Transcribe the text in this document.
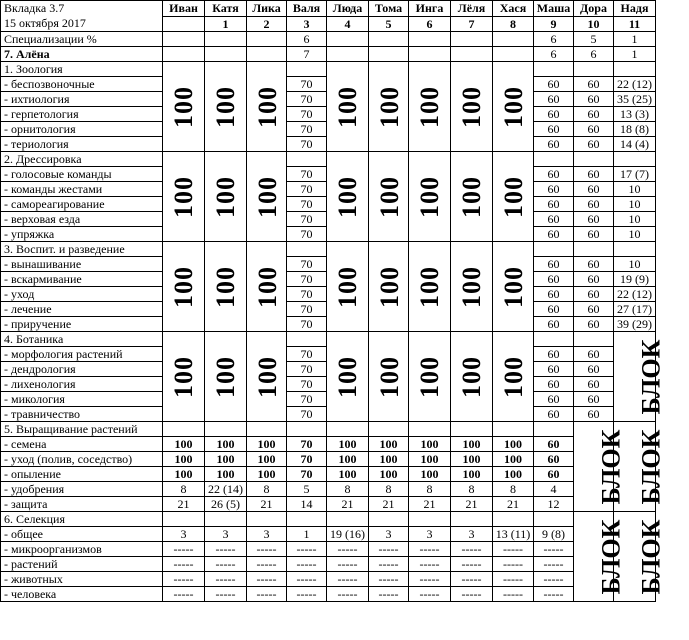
Вкладка 3.7
15 октября 2017	Иван	Катя	Лика	Валя	Люда	Тома	Инга	Лёля	Хася	Маша	Дора	Надя
		1	2	3	4	5	6	7	8	9	10	11
Специализации %				6						6	5	1
7. Алёна				7						6	6	1
1. Зоология	100	100	100		100	100	100	100	100			
- беспозвоночные				70						60	60	22 (12)
- ихтиология				70						60	60	35 (25)
- герпетология				70						60	60	13 (3)
- орнитология				70						60	60	18 (8)
- териология				70						60	60	14 (4)
2. Дрессировка	100	100	100		100	100	100	100	100			
- голосовые команды				70						60	60	17 (7)
- команды жестами				70						60	60	10
- самореагирование				70						60	60	10
- верховая езда				70						60	60	10
- упряжка				70						60	60	10
3. Воспит. и разведение	100	100	100		100	100	100	100	100			
- вынашивание				70						60	60	10
- вскармивание				70						60	60	19 (9)
- уход				70						60	60	22 (12)
- лечение				70						60	60	27 (17)
- приручение				70						60	60	39 (29)
4. Ботаника	100	100	100		100	100	100	100	100			БЛОК
- морфология растений				70						60	60	
- дендрология				70						60	60	
- лихенология				70						60	60	
- микология				70						60	60	
- травничество				70						60	60	
5. Выращивание растений											БЛОК	БЛОК
- семена	100	100	100	70	100	100	100	100	100	60		
- уход (полив, соседство)	100	100	100	70	100	100	100	100	100	60		
- опыление	100	100	100	70	100	100	100	100	100	60		
- удобрения	8	22 (14)	8	5	8	8	8	8	8	4		
- защита	21	26 (5)	21	14	21	21	21	21	21	12		
6. Селекция											БЛОК	БЛОК
- общее	3	3	3	1	19 (16)	3	3	3	13 (11)	9 (8)		
- микроорганизмов	-----	-----	-----	-----	-----	-----	-----	-----	-----	-----		
- растений	-----	-----	-----	-----	-----	-----	-----	-----	-----	-----		
- животных	-----	-----	-----	-----	-----	-----	-----	-----	-----	-----		
- человека	-----	-----	-----	-----	-----	-----	-----	-----	-----	-----		
